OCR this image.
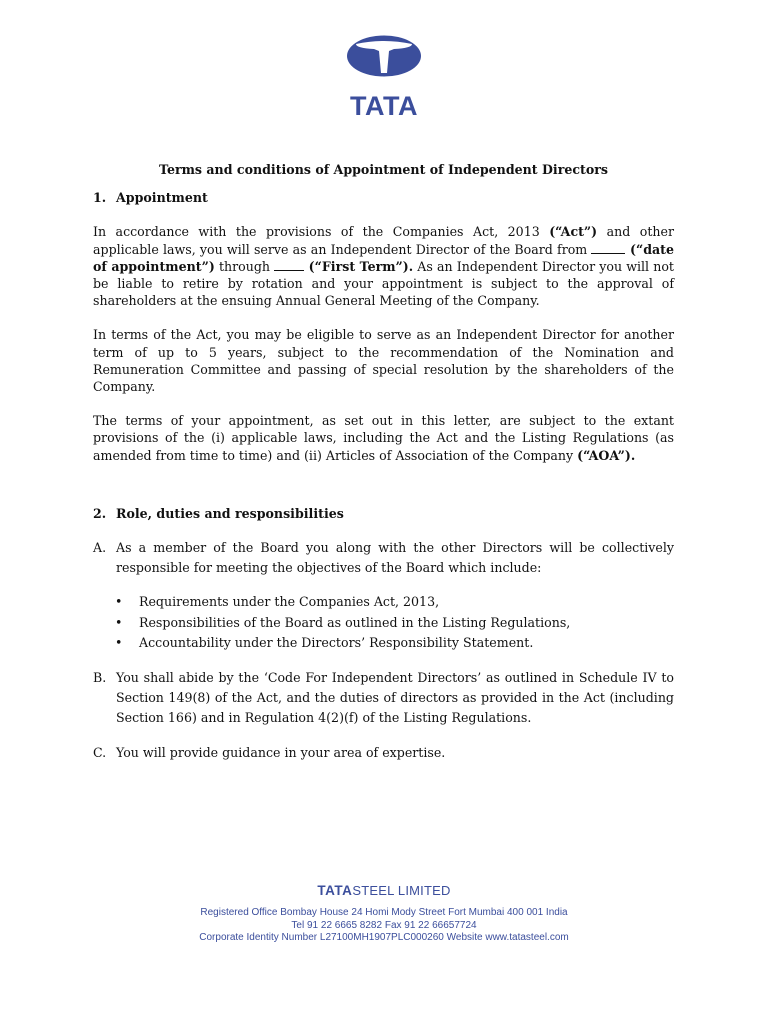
TATA
Terms and conditions of Appointment of Independent Directors
1. Appointment

In accordance with the provisions of the Companies Act, 2013 (“Act”) and other applicable laws, you will serve as an Independent Director of the Board from	(“date of appointment”) through  (“First Term”). As an Independent Director you will not be liable to retire by rotation and your appointment is subject to the approval of shareholders at the ensuing Annual General Meeting of the Company.

In terms of the Act, you may be eligible to serve as an Independent Director for another term of up to 5 years, subject to the recommendation of the Nomination and Remuneration Committee and passing of special resolution by the shareholders of the Company.

The terms of your appointment, as set out in this letter, are subject to the extant provisions of the (i) applicable laws, including the Act and the Listing Regulations (as amended from time to time) and (ii) Articles of Association of the Company (“AOA”).

2. Role, duties and responsibilities
A. As a member of the Board you along with the other Directors will be collectively responsible for meeting the objectives of the Board which include:
• Requirements under the Companies Act, 2013,
• Responsibilities of the Board as outlined in the Listing Regulations,
• Accountability under the Directors’ Responsibility Statement.
B. You shall abide by the ‘Code For Independent Directors’ as outlined in Schedule IV to Section 149(8) of the Act, and the duties of directors as provided in the Act (including Section 166) and in Regulation 4(2)(f) of the Listing Regulations.
C. You will provide guidance in your area of expertise.
TATASTEEL LIMITED
Registered Office Bombay House 24 Homi Mody Street Fort Mumbai 400 001 India
Tel 91 22 6665 8282 Fax 91 22 66657724
Corporate Identity Number L27100MH1907PLC000260 Website www.tatasteel.com
